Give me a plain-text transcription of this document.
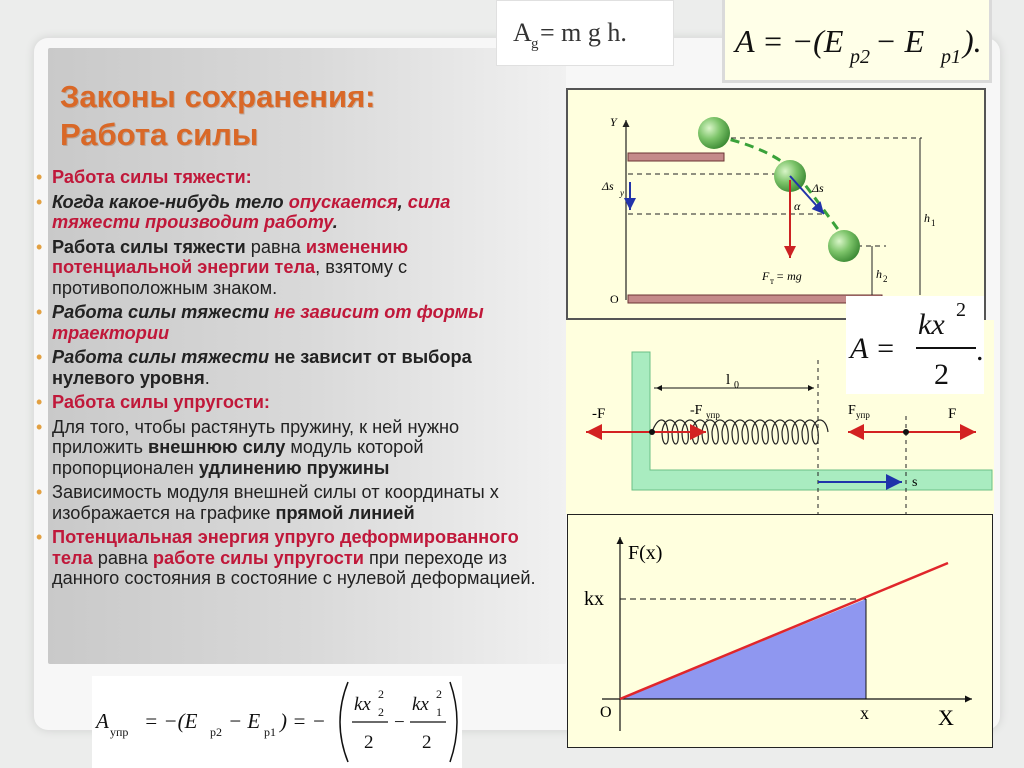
Законы сохранения:
Работа силы
• Работа силы тяжести:
• Когда какое-нибудь тело опускается, сила тяжести производит работу.
• Работа силы тяжести равна изменению потенциальной энергии тела, взятому с противоположным знаком.
• Работа силы тяжести не зависит от формы траектории
• Работа силы тяжести не зависит от выбора нулевого уровня.
• Работа силы упругости:
• Для того, чтобы растянуть пружину, к ней нужно приложить внешнюю силу модуль которой пропорционален удлинению пружины
• Зависимость модуля внешней силы от координаты x изображается на графике прямой линией
• Потенциальная энергия упруго деформированного тела равна работе силы упругости при переходе из данного состояния в состояние с нулевой деформацией.
A g = m g h.	A = −(E p2 − E p1 ).
Y
O
Δs y	Δs
α
F т = mg
h 1
h 2
l 0
-F	-F упр	F упр	F
s
A =
kx 2
2
.
F(x)
kx
O	x	X
A упр = −(E p2 − E p1 ) = −
kx 2
2
2
−
kx 2
1
2
